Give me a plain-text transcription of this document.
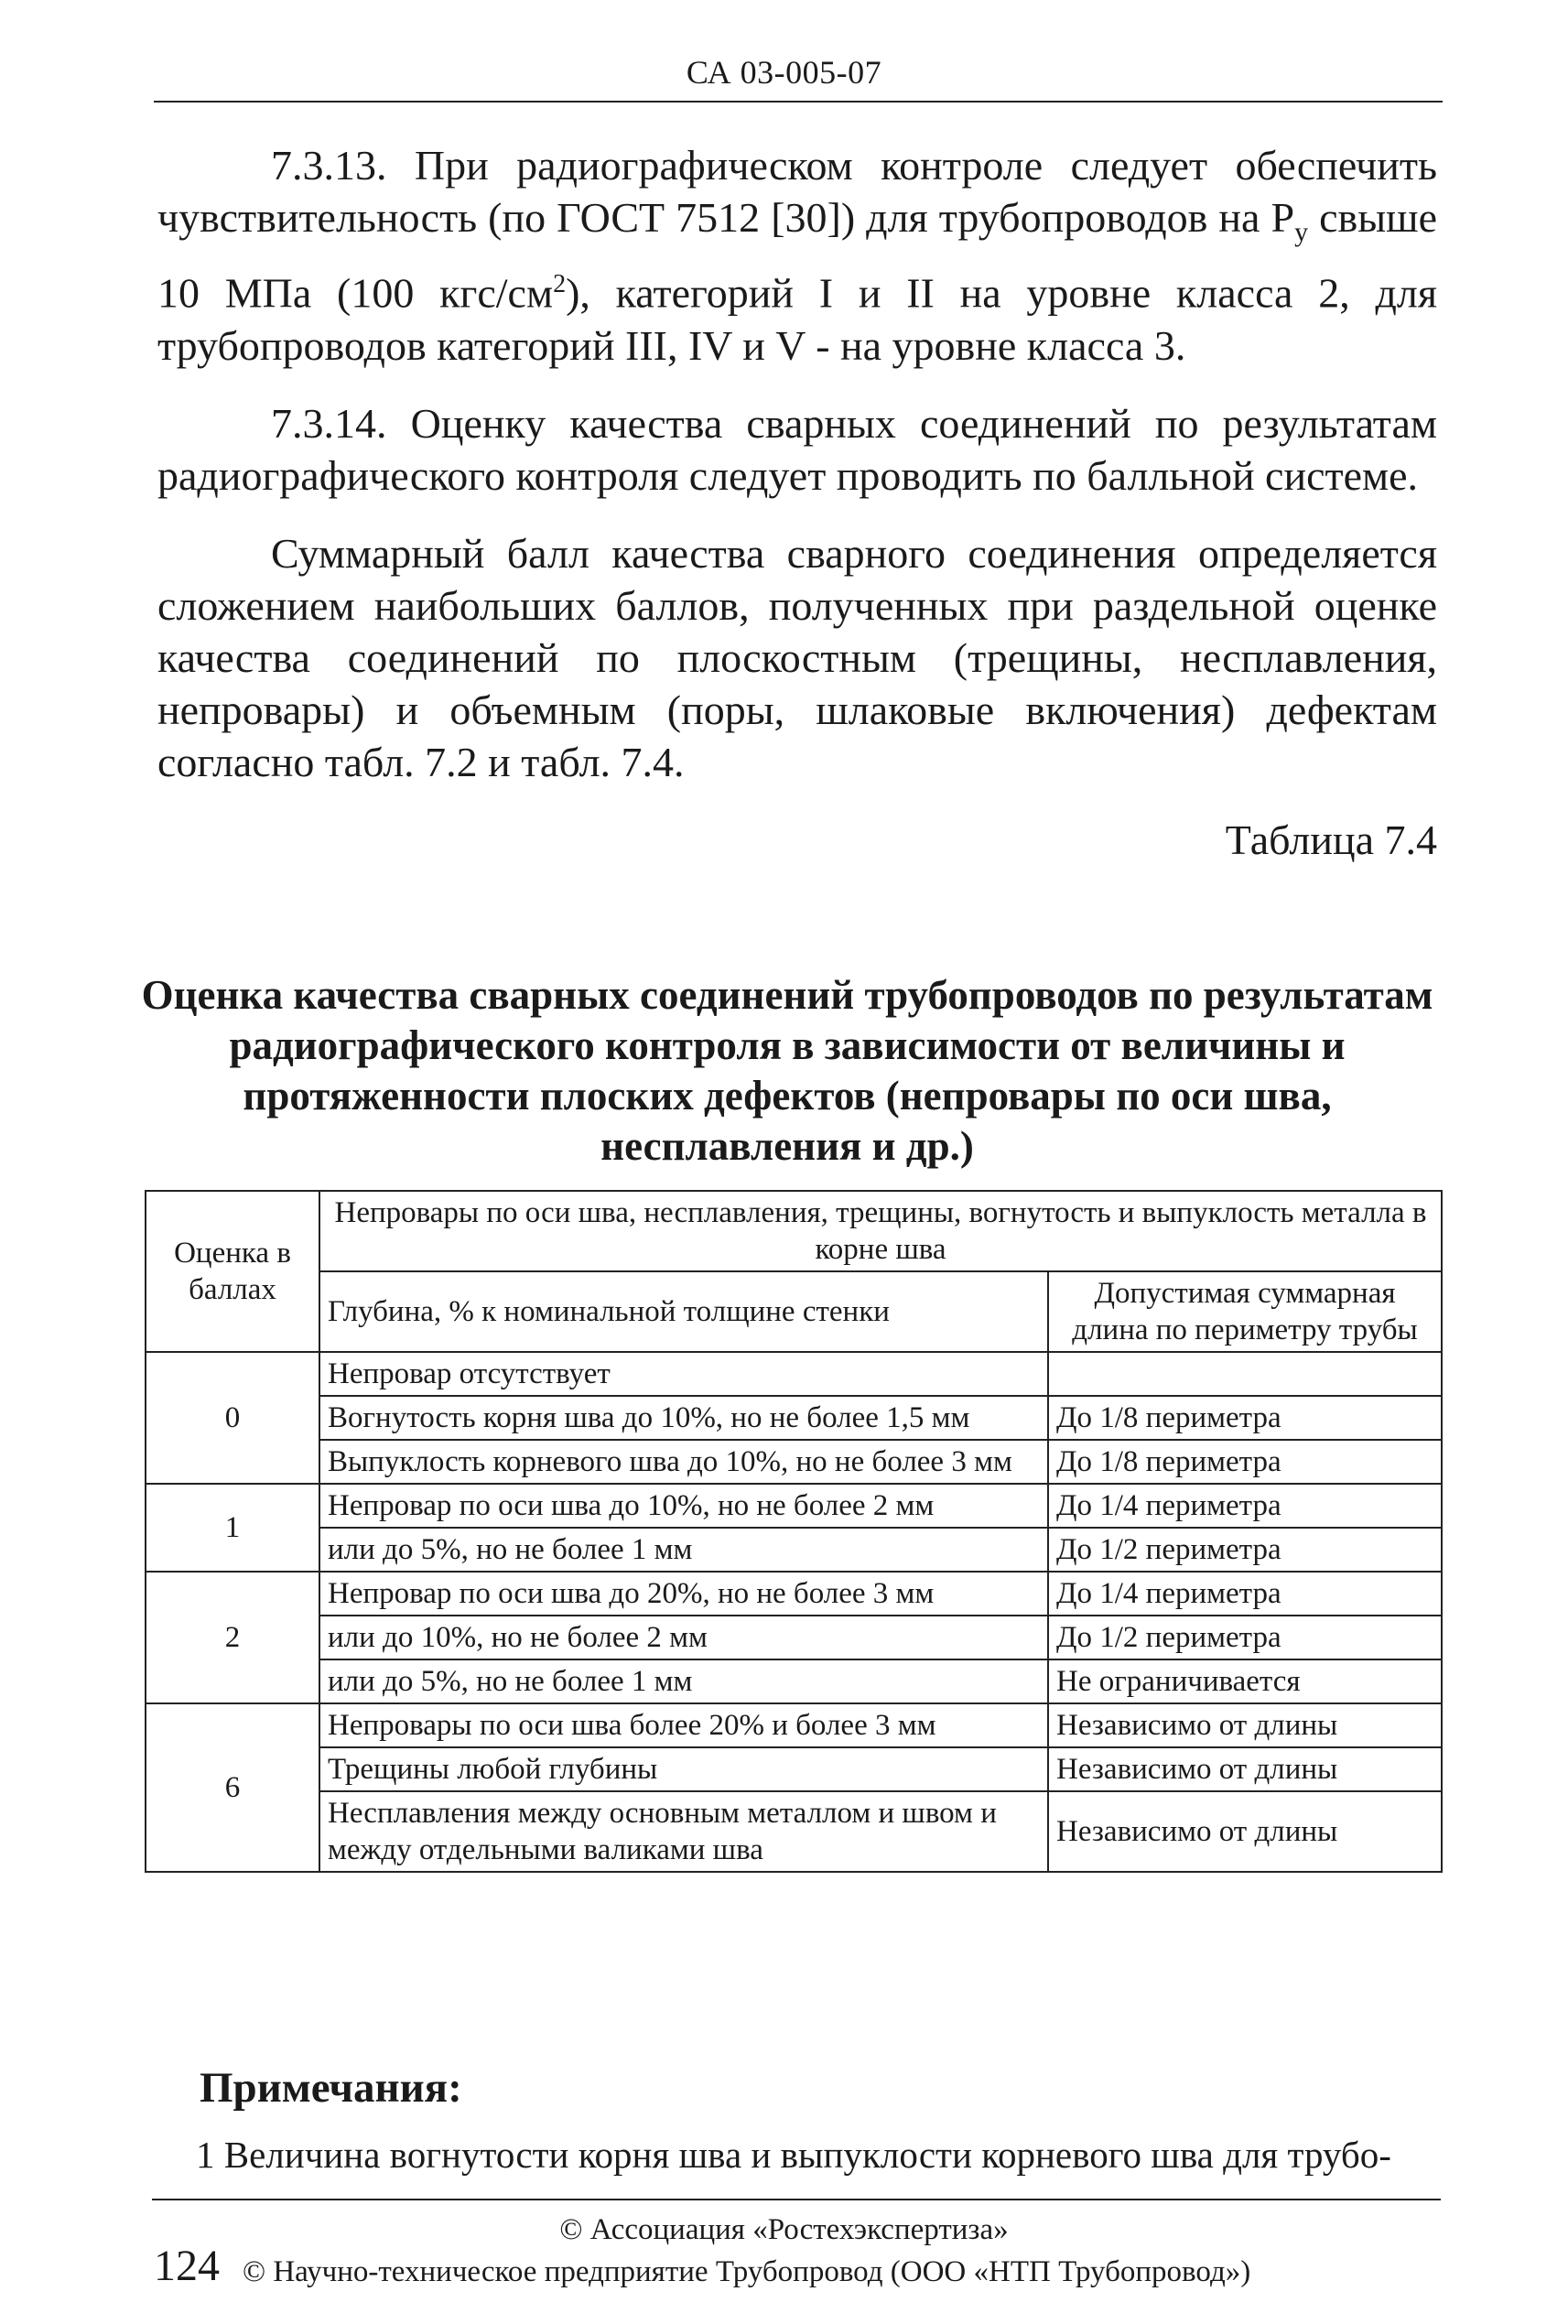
СА 03-005-07

7.3.13. При радиографическом контроле следует обеспечить чувствительность (по ГОСТ 7512 [30]) для трубопроводов на $Р_у$ свыше 10 МПа (100 кгс/$см^2$), категорий I и II на уровне класса 2, для трубопроводов категорий III, IV и V - на уровне класса 3.

7.3.14. Оценку качества сварных соединений по результатам радиографического контроля следует проводить по балльной системе.

Суммарный балл качества сварного соединения определяется сложением наибольших баллов, полученных при раздельной оценке качества соединений по плоскостным (трещины, несплавления, непровары) и объемным (поры, шлаковые включения) дефектам согласно табл. 7.2 и табл. 7.4.

Таблица 7.4
Оценка качества сварных соединений трубопроводов по результатам радиографического контроля в зависимости от величины и протяженности плоских дефектов (непровары по оси шва, несплавления и др.)
Оценка в баллах	Непровары по оси шва, несплавления, трещины, вогнутость и выпуклость металла в корне шва	
	Глубина, % к номинальной толщине стенки	Допустимая суммарная длина по периметру трубы
0	Непровар отсутствует	
	Вогнутость корня шва до 10%, но не более 1,5 мм	До 1/8 периметра
	Выпуклость корневого шва до 10%, но не более 3 мм	До 1/8 периметра
1	Непровар по оси шва до 10%, но не более 2 мм	До 1/4 периметра
	или до 5%, но не более 1 мм	До 1/2 периметра
2	Непровар по оси шва до 20%, но не более 3 мм	До 1/4 периметра
	или до 10%, но не более 2 мм	До 1/2 периметра
	или до 5%, но не более 1 мм	Не ограничивается
6	Непровары по оси шва более 20% и более 3 мм	Независимо от длины
	Трещины любой глубины	Независимо от длины
	Несплавления между основным металлом и швом и между отдельными валиками шва	Независимо от длины
Примечания:
1 Величина вогнутости корня шва и выпуклости корневого шва для трубо-
© Ассоциация «Ростехэкспертиза»
124 © Научно-техническое предприятие Трубопровод (ООО «НТП Трубопровод»)
